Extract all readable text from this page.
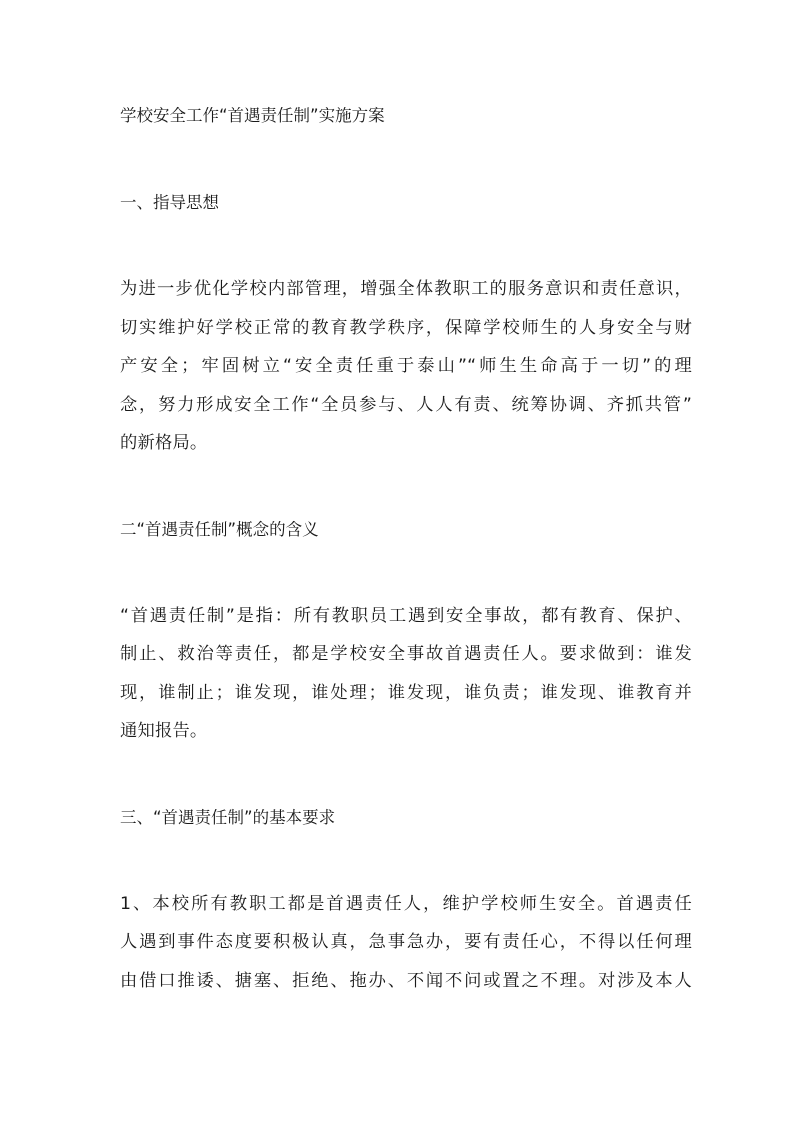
学校安全工作“首遇责任制”实施方案

一、指导思想

为进一步优化学校内部管理，增强全体教职工的服务意识和责任意识，
切实维护好学校正常的教育教学秩序，保障学校师生的人身安全与财
产安全；牢固树立“安全责任重于泰山”“师生生命高于一切”的理
念，努力形成安全工作“全员参与、人人有责、统筹协调、齐抓共管”
的新格局。

二“首遇责任制”概念的含义

“首遇责任制”是指：所有教职员工遇到安全事故，都有教育、保护、
制止、救治等责任，都是学校安全事故首遇责任人。要求做到：谁发
现，谁制止；谁发现，谁处理；谁发现，谁负责；谁发现、谁教育并
通知报告。

三、“首遇责任制”的基本要求

1、本校所有教职工都是首遇责任人，维护学校师生安全。首遇责任
人遇到事件态度要积极认真，急事急办，要有责任心，不得以任何理
由借口推诿、搪塞、拒绝、拖办、不闻不问或置之不理。对涉及本人
